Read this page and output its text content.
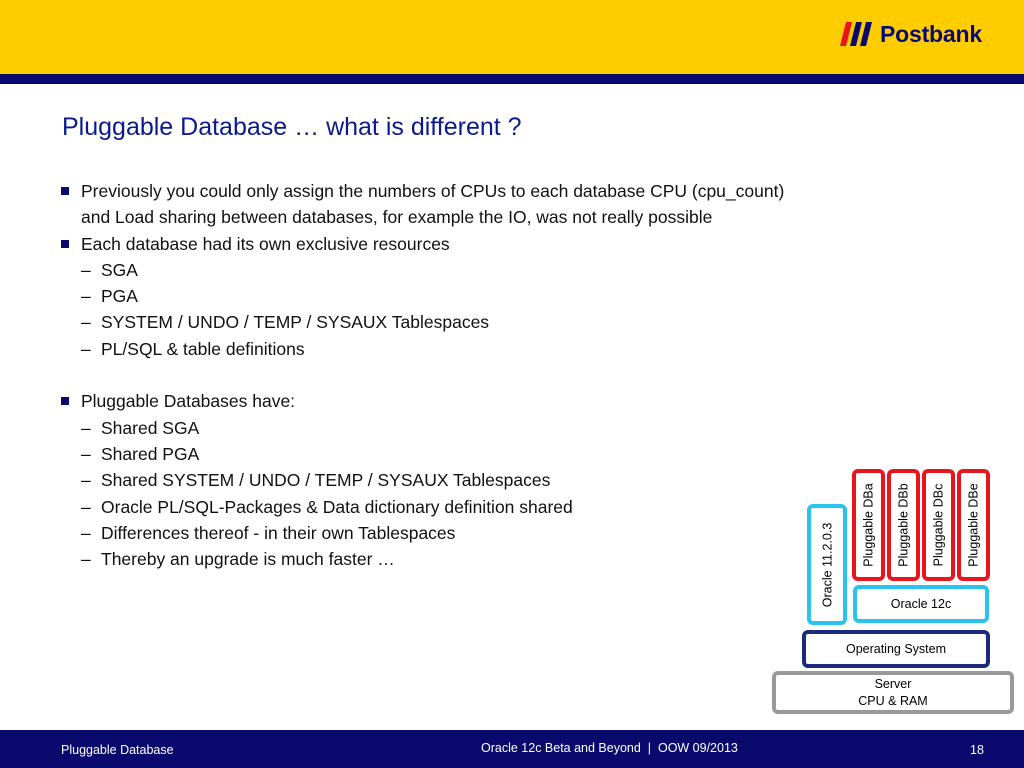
Postbank
Pluggable Database … what is different ?
Previously you could only assign the numbers of CPUs to each database CPU (cpu_count)
and Load sharing between databases, for example the IO, was not really possible
Each database had its own exclusive resources
– SGA
– PGA
– SYSTEM / UNDO / TEMP / SYSAUX Tablespaces
– PL/SQL & table definitions
Pluggable Databases have:
– Shared SGA
– Shared PGA
– Shared SYSTEM / UNDO / TEMP / SYSAUX Tablespaces
– Oracle PL/SQL-Packages & Data dictionary definition shared
– Differences thereof - in their own Tablespaces
– Thereby an upgrade is much faster …	Pluggable DBa Pluggable DBb Pluggable DBc Pluggable DBe
Oracle 11.2.0.3	Oracle 12c
Operating System
Server
CPU & RAM
Pluggable Database	Oracle 12c Beta and Beyond  |  OOW 09/2013	18
